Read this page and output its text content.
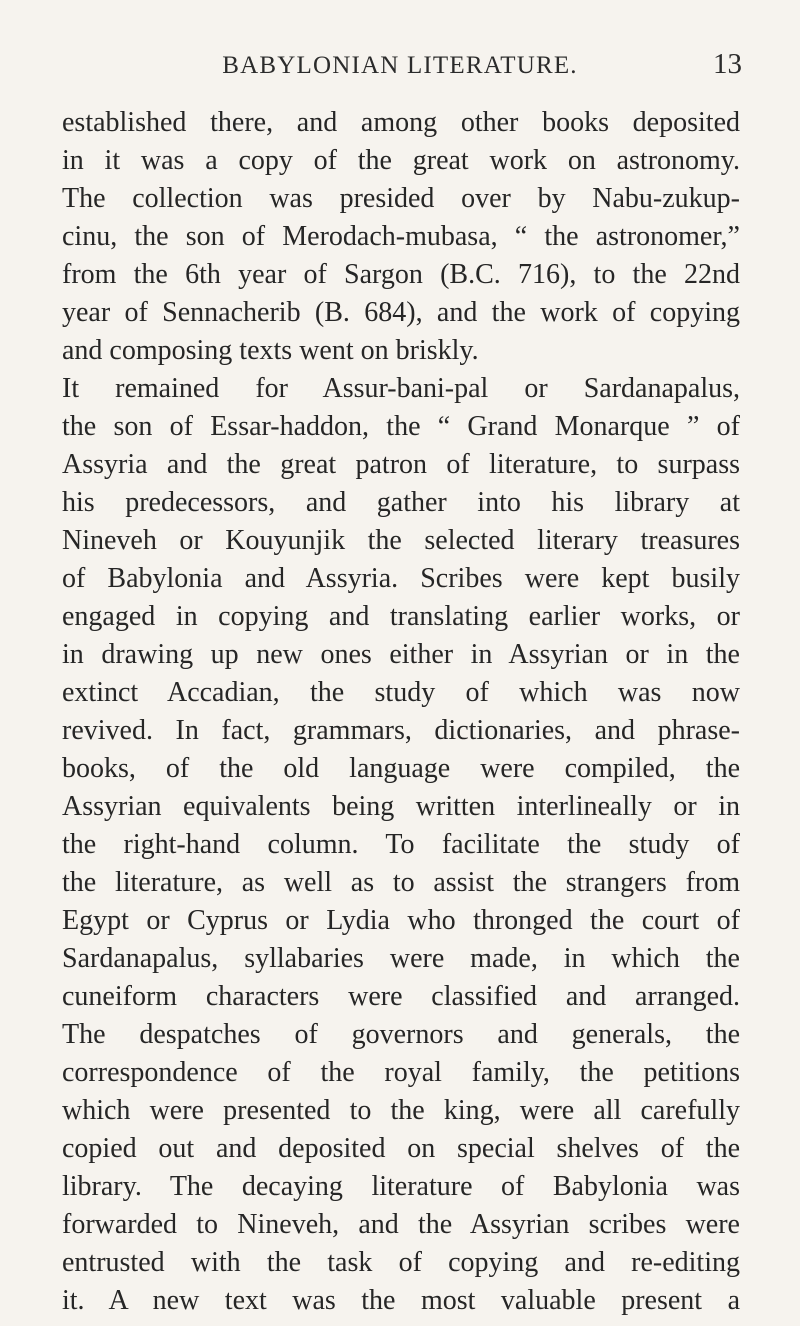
BABYLONIAN LITERATURE.	13
established there, and among other books deposited
in it was a copy of the great work on astronomy.
The collection was presided over by Nabu-zukup-
cinu, the son of Merodach-mubasa, “ the astronomer,”
from the 6th year of Sargon (B.C. 716), to the 22nd
year of Sennacherib (B. 684), and the work of copying
and composing texts went on briskly.
It remained for Assur-bani-pal or Sardanapalus,
the son of Essar-haddon, the “ Grand Monarque ” of
Assyria and the great patron of literature, to surpass
his predecessors, and gather into his library at
Nineveh or Kouyunjik the selected literary treasures
of Babylonia and Assyria. Scribes were kept busily
engaged in copying and translating earlier works, or
in drawing up new ones either in Assyrian or in the
extinct Accadian, the study of which was now
revived. In fact, grammars, dictionaries, and phrase-
books, of the old language were compiled, the
Assyrian equivalents being written interlineally or in
the right-hand column. To facilitate the study of
the literature, as well as to assist the strangers from
Egypt or Cyprus or Lydia who thronged the court of
Sardanapalus, syllabaries were made, in which the
cuneiform characters were classified and arranged.
The despatches of governors and generals, the
correspondence of the royal family, the petitions
which were presented to the king, were all carefully
copied out and deposited on special shelves of the
library. The decaying literature of Babylonia was
forwarded to Nineveh, and the Assyrian scribes were
entrusted with the task of copying and re-editing
it. A new text was the most valuable present a
